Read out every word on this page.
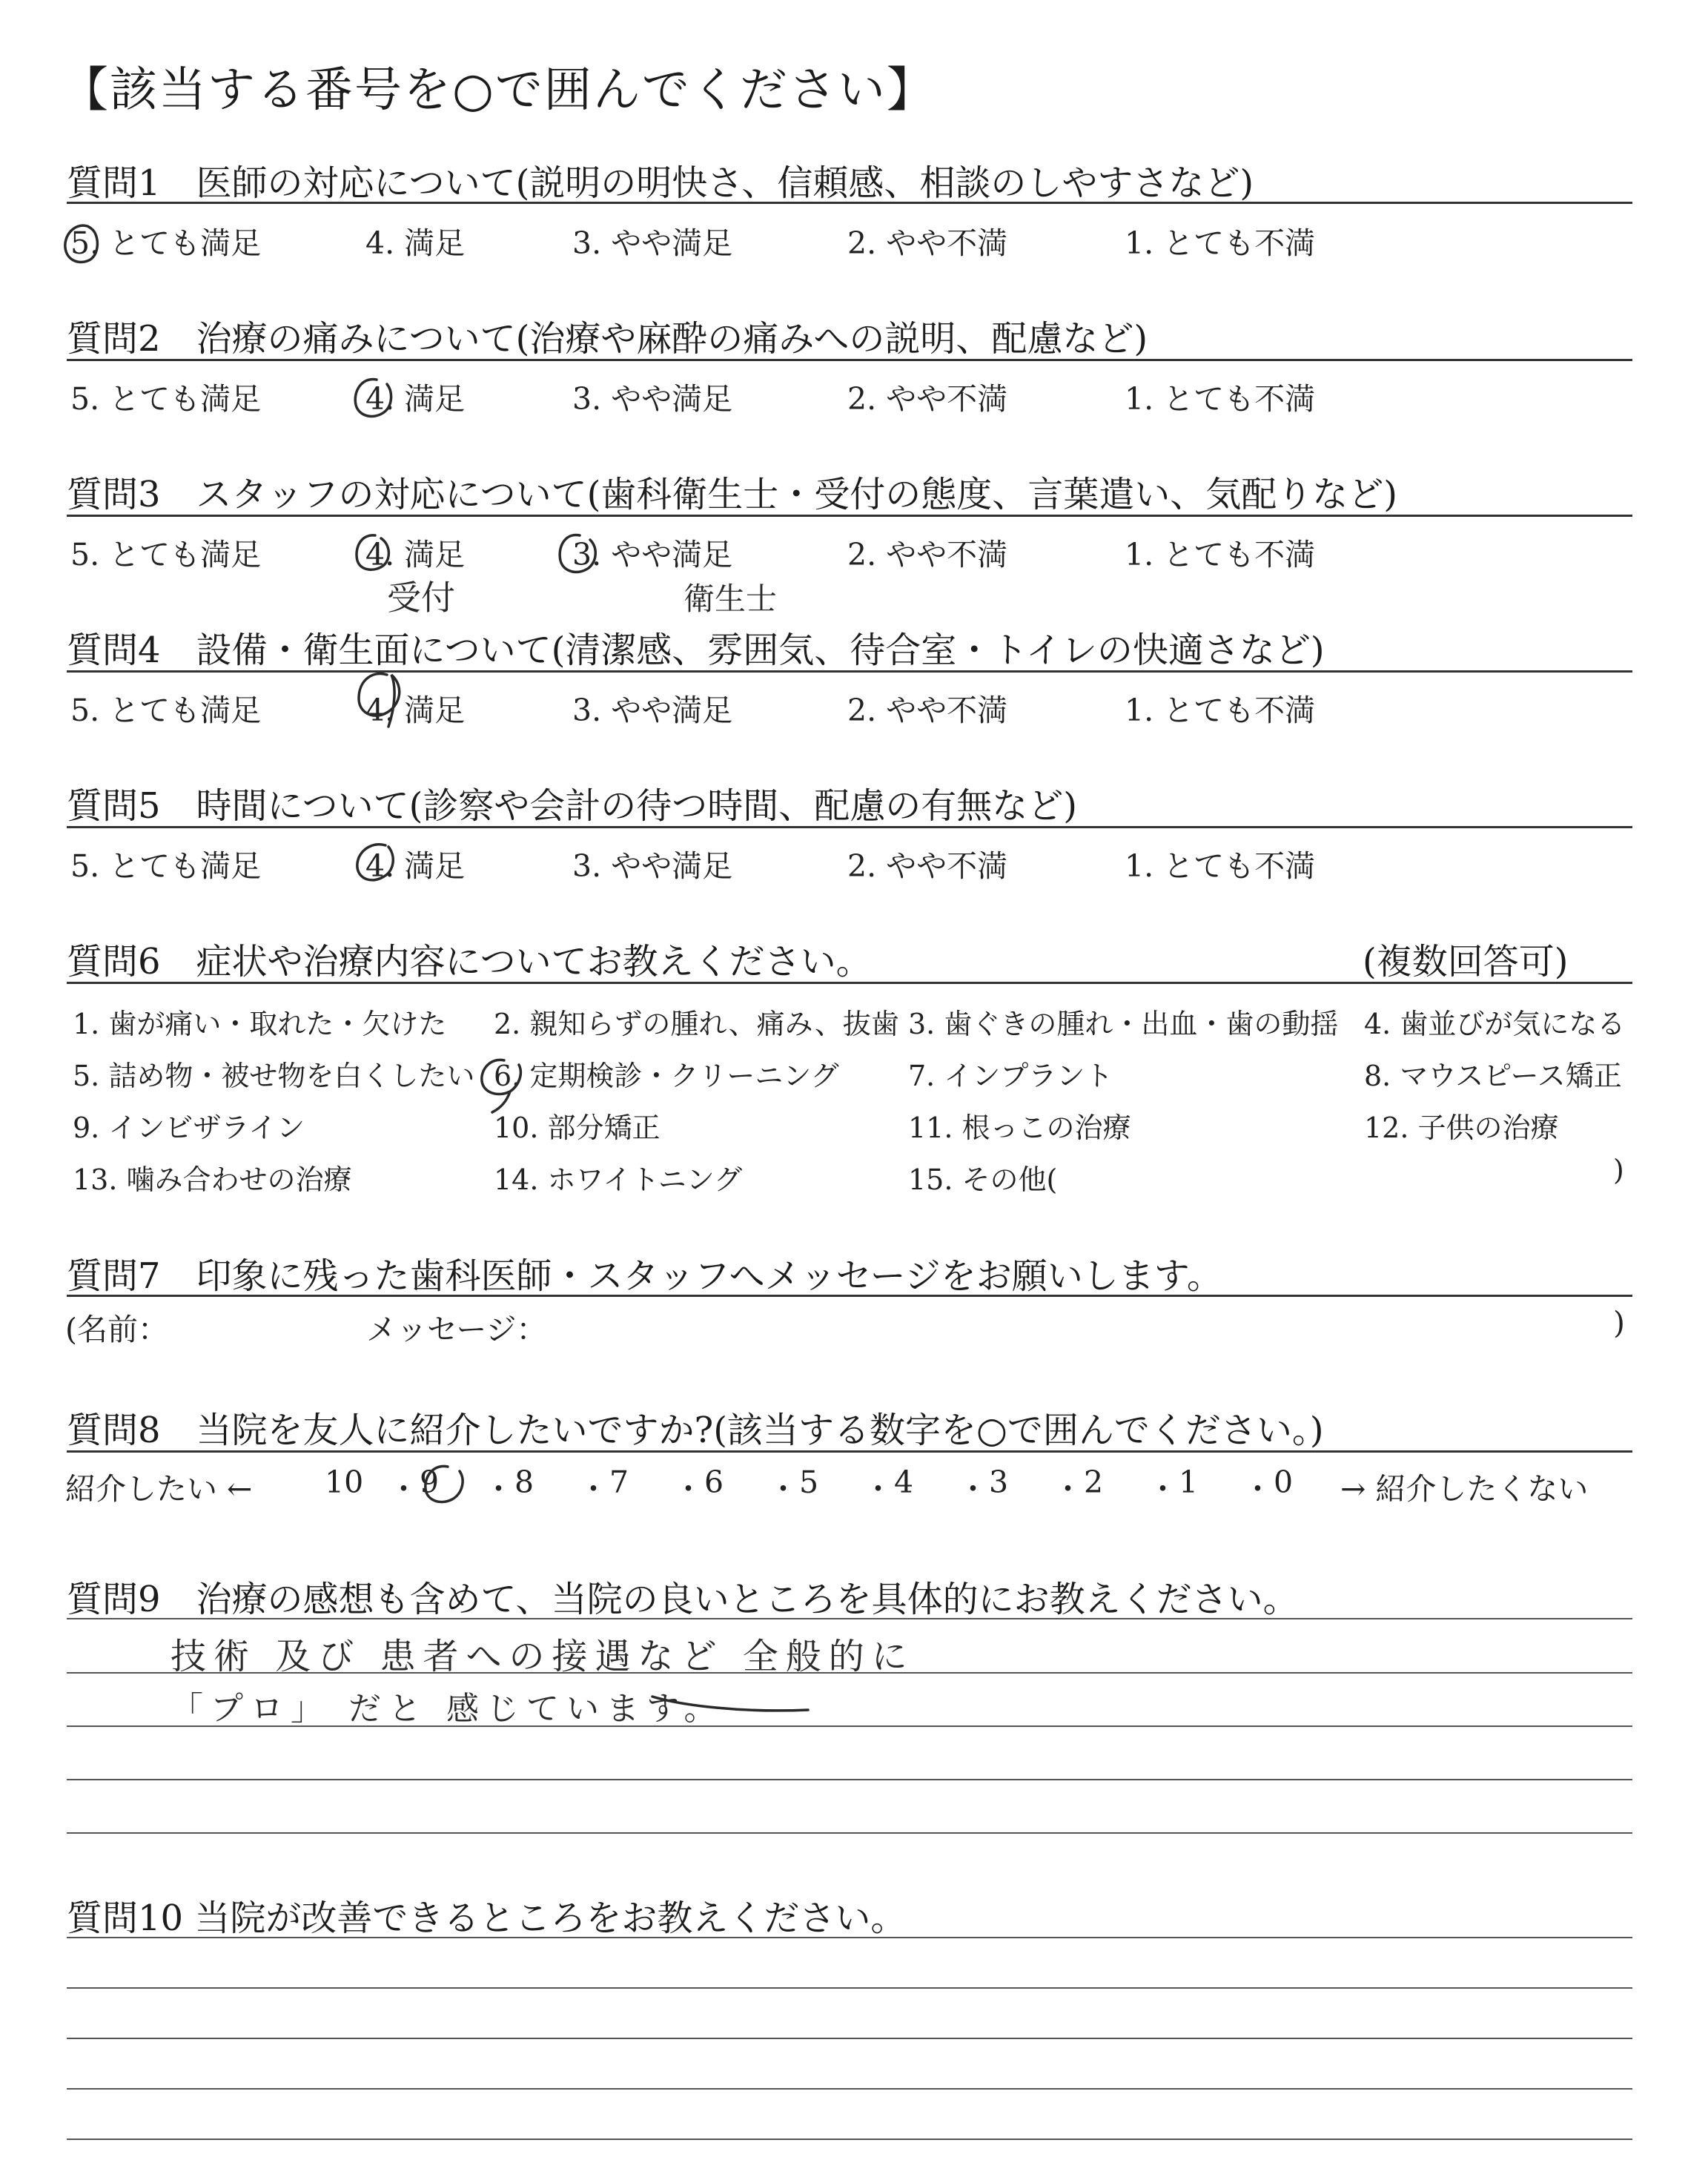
【該当する番号を○で囲んでください】
質問1　医師の対応について(説明の明快さ、信頼感、相談のしやすさなど)
5. とても満足	4. 満足	3. やや満足	2. やや不満	1. とても不満
質問2　治療の痛みについて(治療や麻酔の痛みへの説明、配慮など)
5. とても満足	4. 満足	3. やや満足	2. やや不満	1. とても不満
質問3　スタッフの対応について(歯科衛生士・受付の態度、言葉遣い、気配りなど)
5. とても満足	4. 満足	3. やや満足	2. やや不満	1. とても不満
受付	衛生士
質問4　設備・衛生面について(清潔感、雰囲気、待合室・トイレの快適さなど)
5. とても満足	4. 満足	3. やや満足	2. やや不満	1. とても不満
質問5　時間について(診察や会計の待つ時間、配慮の有無など)
5. とても満足	4. 満足	3. やや満足	2. やや不満	1. とても不満
質問6　症状や治療内容についてお教えください。	(複数回答可)
1. 歯が痛い・取れた・欠けた 2. 親知らずの腫れ、痛み、抜歯 3. 歯ぐきの腫れ・出血・歯の動揺 4. 歯並びが気になる
5. 詰め物・被せ物を白くしたい 6. 定期検診・クリーニング 7. インプラント	8. マウスピース矯正
9. インビザライン	10. 部分矯正	11. 根っこの治療	12. 子供の治療
13. 噛み合わせの治療	14. ホワイトニング	15. その他(	)
質問7　印象に残った歯科医師・スタッフへメッセージをお願いします。
(名前：	メッセージ：	)
質問8　当院を友人に紹介したいですか?(該当する数字を○で囲んでください。)
紹介したい ←	→ 紹介したくない
10 ・ 9 ・ 8 ・ 7 ・ 6 ・ 5 ・ 4 ・ 3 ・ 2 ・ 1 ・ 0
質問9　治療の感想も含めて、当院の良いところを具体的にお教えください。
技術 及び 患者への接遇など 全般的に
「プロ」 だと 感じています。
質問10 当院が改善できるところをお教えください。
